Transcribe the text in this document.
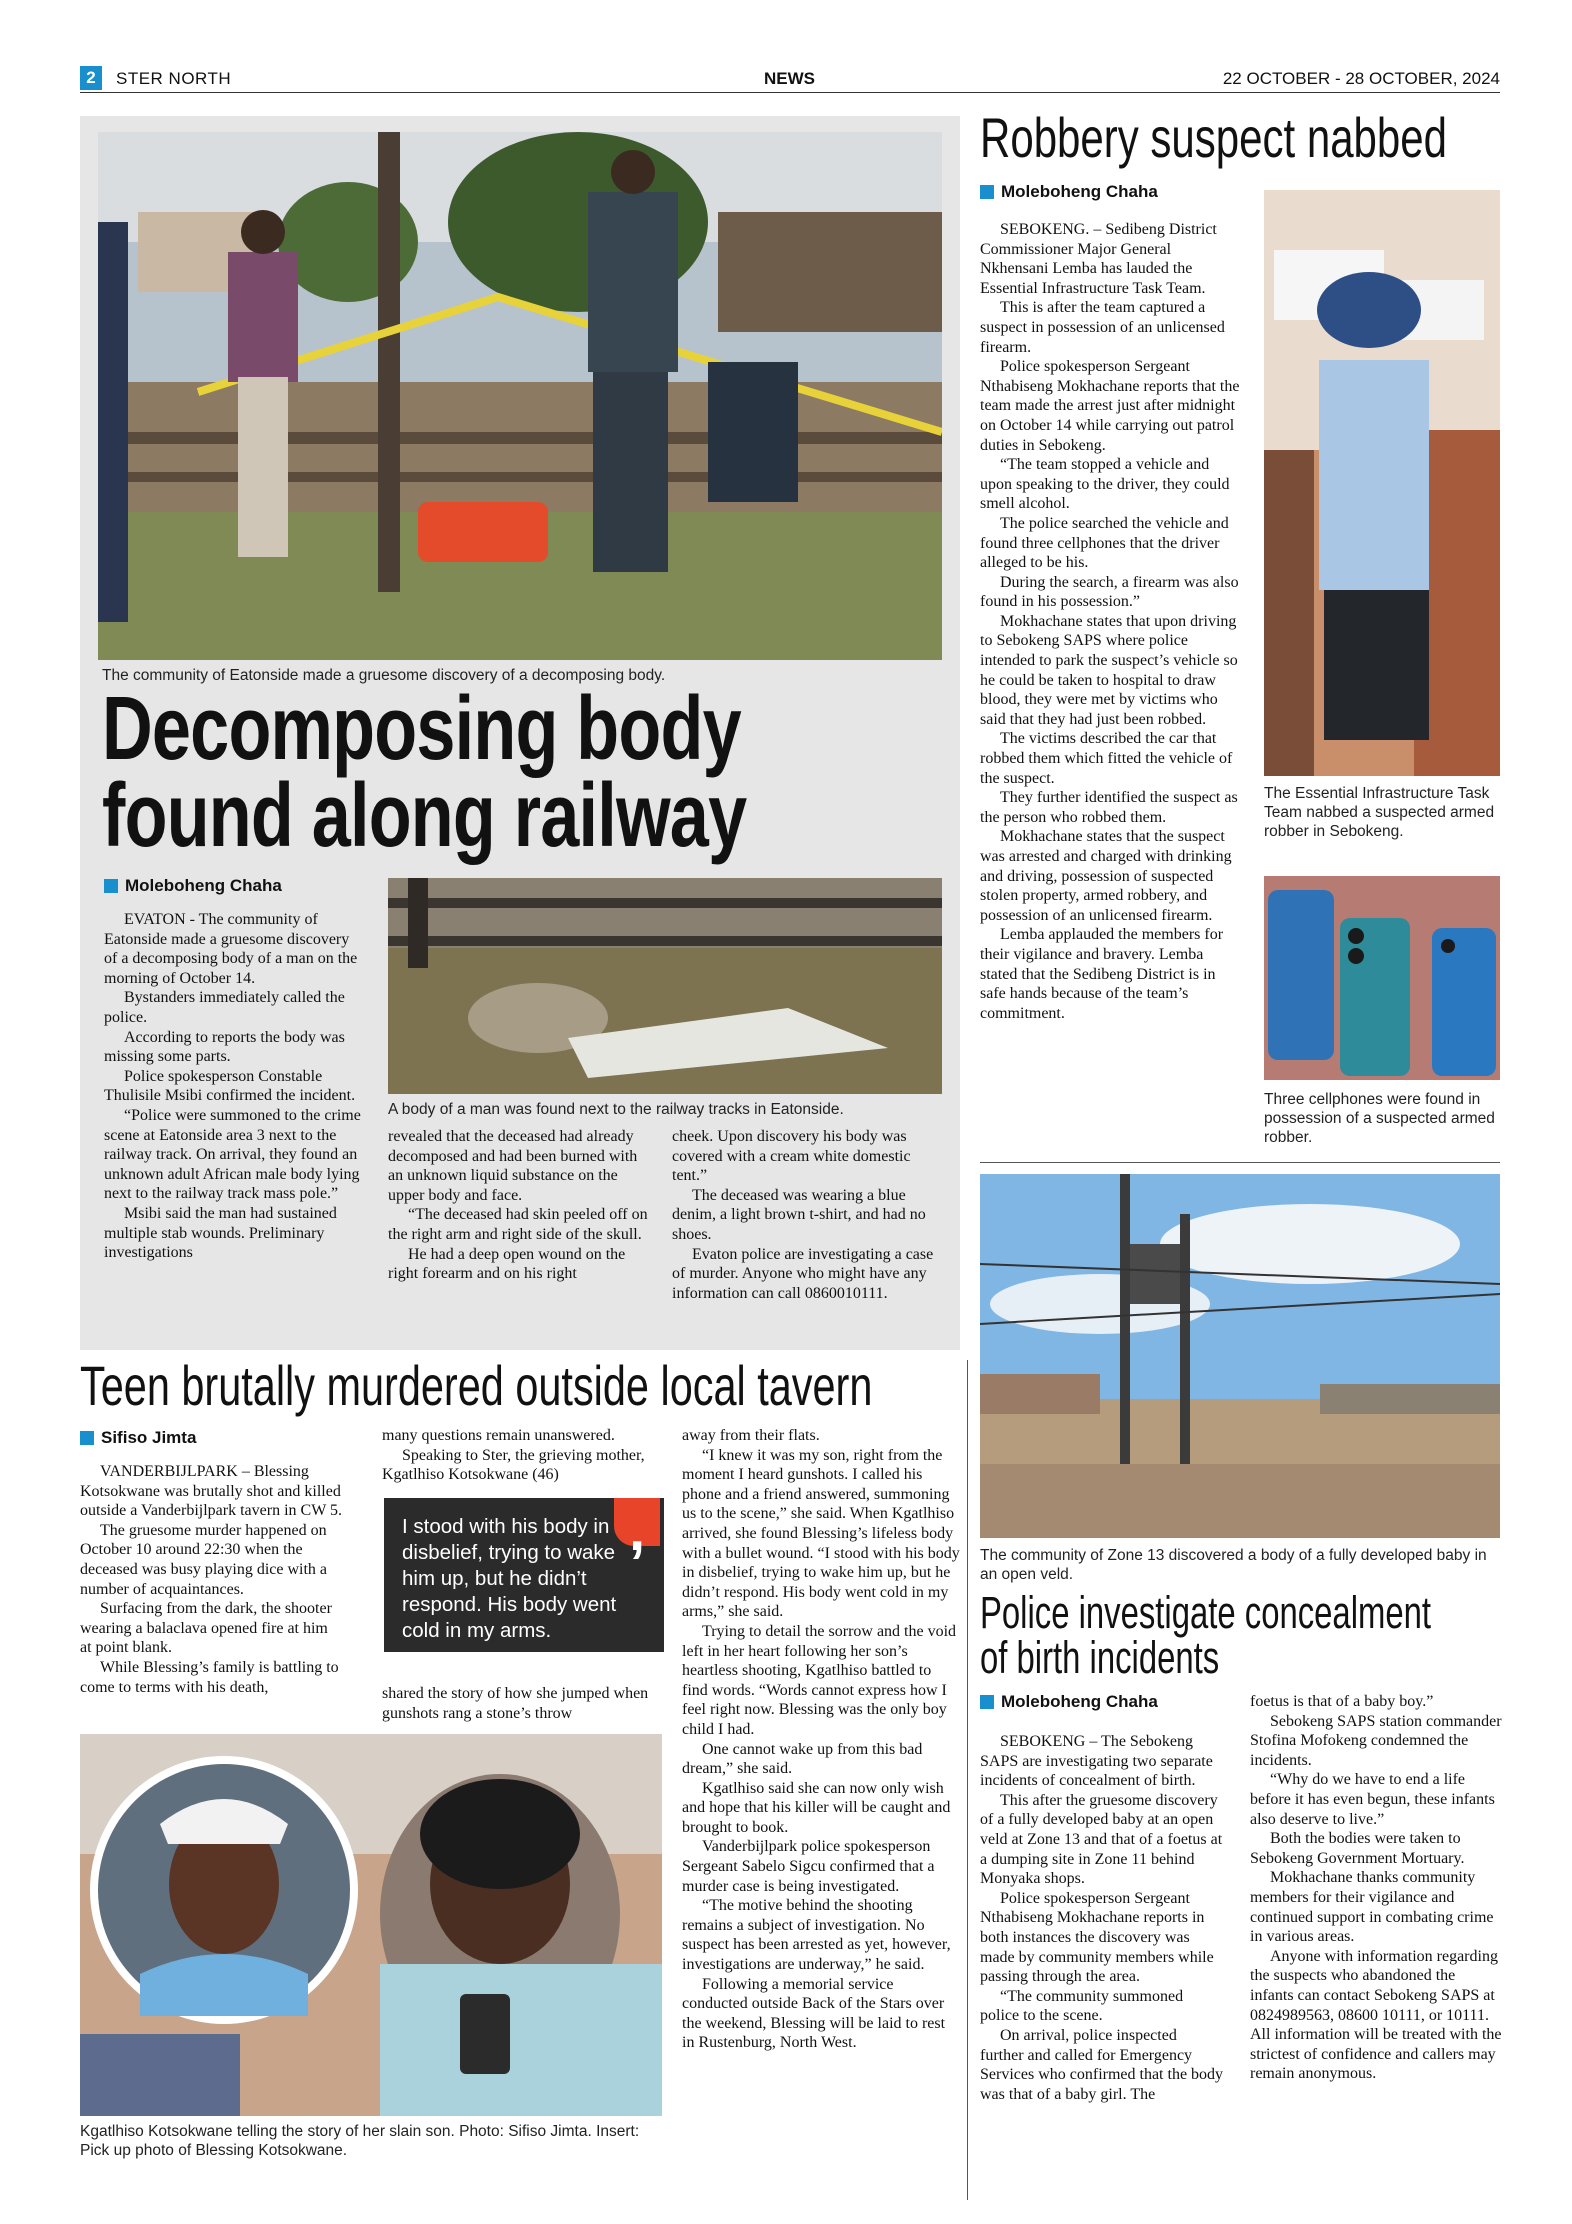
2	STER NORTH	NEWS	22 OCTOBER - 28 OCTOBER, 2024
The community of Eatonside made a gruesome discovery of a decomposing body.
Decomposing body
found along railway
Moleboheng Chaha
A body of a man was found next to the railway tracks in Eatonside.

EVATON - The community of Eatonside made a gruesome discovery of a decomposing body of a man on the morning of October 14.

Bystanders immediately called the police.

According to reports the body was missing some parts.

Police spokesperson Constable Thulisile Msibi confirmed the incident.

“Police were summoned to the crime scene at Eatonside area 3 next to the railway track. On arrival, they found an unknown adult African male body lying next to the railway track mass pole.”

Msibi said the man had sustained multiple stab wounds. Preliminary investigations

revealed that the deceased had already decomposed and had been burned with an unknown liquid substance on the upper body and face.

“The deceased had skin peeled off on the right arm and right side of the skull.

He had a deep open wound on the right forearm and on his right

cheek. Upon discovery his body was covered with a cream white domestic tent.”

The deceased was wearing a blue denim, a light brown t-shirt, and had no shoes.

Evaton police are investigating a case of murder. Anyone who might have any information can call 0860010111.

Robbery suspect nabbed
Moleboheng Chaha

SEBOKENG. – Sedibeng District Commissioner Major General Nkhensani Lemba has lauded the Essential Infrastructure Task Team.

This is after the team captured a suspect in possession of an unlicensed firearm.

Police spokesperson Sergeant Nthabiseng Mokhachane reports that the team made the arrest just after midnight on October 14 while carrying out patrol duties in Sebokeng.

“The team stopped a vehicle and upon speaking to the driver, they could smell alcohol.

The police searched the vehicle and found three cellphones that the driver alleged to be his.

During the search, a firearm was also found in his possession.”

Mokhachane states that upon driving to Sebokeng SAPS where police intended to park the suspect’s vehicle so he could be taken to hospital to draw blood, they were met by victims who said that they had just been robbed.

The victims described the car that robbed them which fitted the vehicle of the suspect.

They further identified the suspect as the person who robbed them.

Mokhachane states that the suspect was arrested and charged with drinking and driving, possession of suspected stolen property, armed robbery, and possession of an unlicensed firearm.

Lemba applauded the members for their vigilance and bravery. Lemba stated that the Sedibeng District is in safe hands because of the team’s commitment.

The Essential Infrastructure Task Team nabbed a suspected armed robber in Sebokeng.
Three cellphones were found in possession of a suspected armed robber.
The community of Zone 13 discovered a body of a fully developed baby in an open veld.
Police investigate concealment
of birth incidents
Moleboheng Chaha

SEBOKENG – The Sebokeng SAPS are investigating two separate incidents of concealment of birth.

This after the gruesome discovery of a fully developed baby at an open veld at Zone 13 and that of a foetus at a dumping site in Zone 11 behind Monyaka shops.

Police spokesperson Sergeant Nthabiseng Mokhachane reports in both instances the discovery was made by community members while passing through the area.

“The community summoned police to the scene.

On arrival, police inspected further and called for Emergency Services who confirmed that the body was that of a baby girl. The

foetus is that of a baby boy.”

Sebokeng SAPS station commander Stofina Mofokeng condemned the incidents.

“Why do we have to end a life before it has even begun, these infants also deserve to live.”

Both the bodies were taken to Sebokeng Government Mortuary.

Mokhachane thanks community members for their vigilance and continued support in combating crime in various areas.

Anyone with information regarding the suspects who abandoned the infants can contact Sebokeng SAPS at 0824989563, 08600 10111, or 10111. All information will be treated with the strictest of confidence and callers may remain anonymous.

Teen brutally murdered outside local tavern
Sifiso Jimta

VANDERBIJLPARK – Blessing Kotsokwane was brutally shot and killed outside a Vanderbijlpark tavern in CW 5.

The gruesome murder happened on October 10 around 22:30 when the deceased was busy playing dice with a number of acquaintances.

Surfacing from the dark, the shooter wearing a balaclava opened fire at him at point blank.

While Blessing’s family is battling to come to terms with his death,

many questions remain unanswered.

Speaking to Ster, the grieving mother, Kgatlhiso Kotsokwane (46)

I stood with his body in disbelief, trying to wake him up, but he didn’t respond. His body went cold in my arms.
,

shared the story of how she jumped when gunshots rang a stone’s throw

away from their flats.

“I knew it was my son, right from the moment I heard gunshots. I called his phone and a friend answered, summoning us to the scene,” she said. When Kgatlhiso arrived, she found Blessing’s lifeless body with a bullet wound. “I stood with his body in disbelief, trying to wake him up, but he didn’t respond. His body went cold in my arms,” she said.

Trying to detail the sorrow and the void left in her heart following her son’s heartless shooting, Kgatlhiso battled to find words. “Words cannot express how I feel right now. Blessing was the only boy child I had.

One cannot wake up from this bad dream,” she said.

Kgatlhiso said she can now only wish and hope that his killer will be caught and brought to book.

Vanderbijlpark police spokesperson Sergeant Sabelo Sigcu confirmed that a murder case is being investigated.

“The motive behind the shooting remains a subject of investigation. No suspect has been arrested as yet, however, investigations are underway,” he said.

Following a memorial service conducted outside Back of the Stars over the weekend, Blessing will be laid to rest in Rustenburg, North West.

Kgatlhiso Kotsokwane telling the story of her slain son. Photo: Sifiso Jimta. Insert: Pick up photo of Blessing Kotsokwane.
